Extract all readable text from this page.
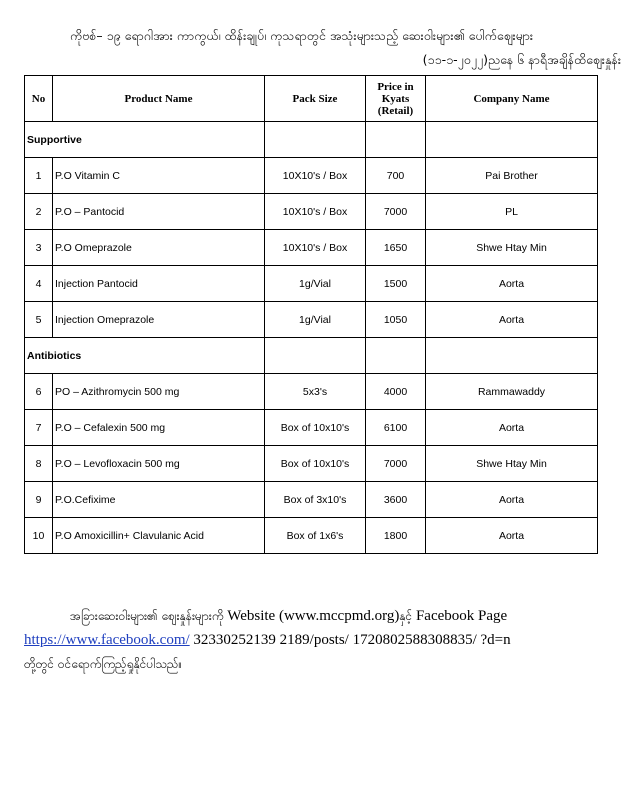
ကိုဗစ်– ၁၉ ရောဂါအား ကာကွယ်၊ ထိန်းချုပ်၊ ကုသရာတွင် အသုံးများသည့် ဆေးဝါးများ၏ ပေါက်ဈေးများ
(၁၁-၁-၂၀၂၂)ညနေ ၆ နာရီအချိန်ထိဈေးနှုန်း
No	Product Name	Pack Size	Price in
Kyats
(Retail)	Company Name
Supportive				
1	P.O Vitamin C	10X10's / Box	700	Pai Brother
2	P.O – Pantocid	10X10's / Box	7000	PL
3	P.O Omeprazole	10X10's / Box	1650	Shwe Htay Min
4	Injection Pantocid	1g/Vial	1500	Aorta
5	Injection Omeprazole	1g/Vial	1050	Aorta
Antibiotics				
6	PO – Azithromycin 500 mg	5x3's	4000	Rammawaddy
7	P.O – Cefalexin 500 mg	Box of 10x10's	6100	Aorta
8	P.O – Levofloxacin 500 mg	Box of 10x10's	7000	Shwe Htay Min
9	P.O.Cefixime	Box of 3x10's	3600	Aorta
10	P.O Amoxicillin+ Clavulanic Acid	Box of 1x6's	1800	Aorta
အခြားဆေးဝါးများ၏ ဈေးနှုန်းများကို Website (www.mccpmd.org)နှင့် Facebook Page
https://www.facebook.com/ 32330252139 2189/posts/ 1720802588308835/ ?d=n
တို့တွင် ဝင်ရောက်ကြည့်ရှုနိုင်ပါသည်။
